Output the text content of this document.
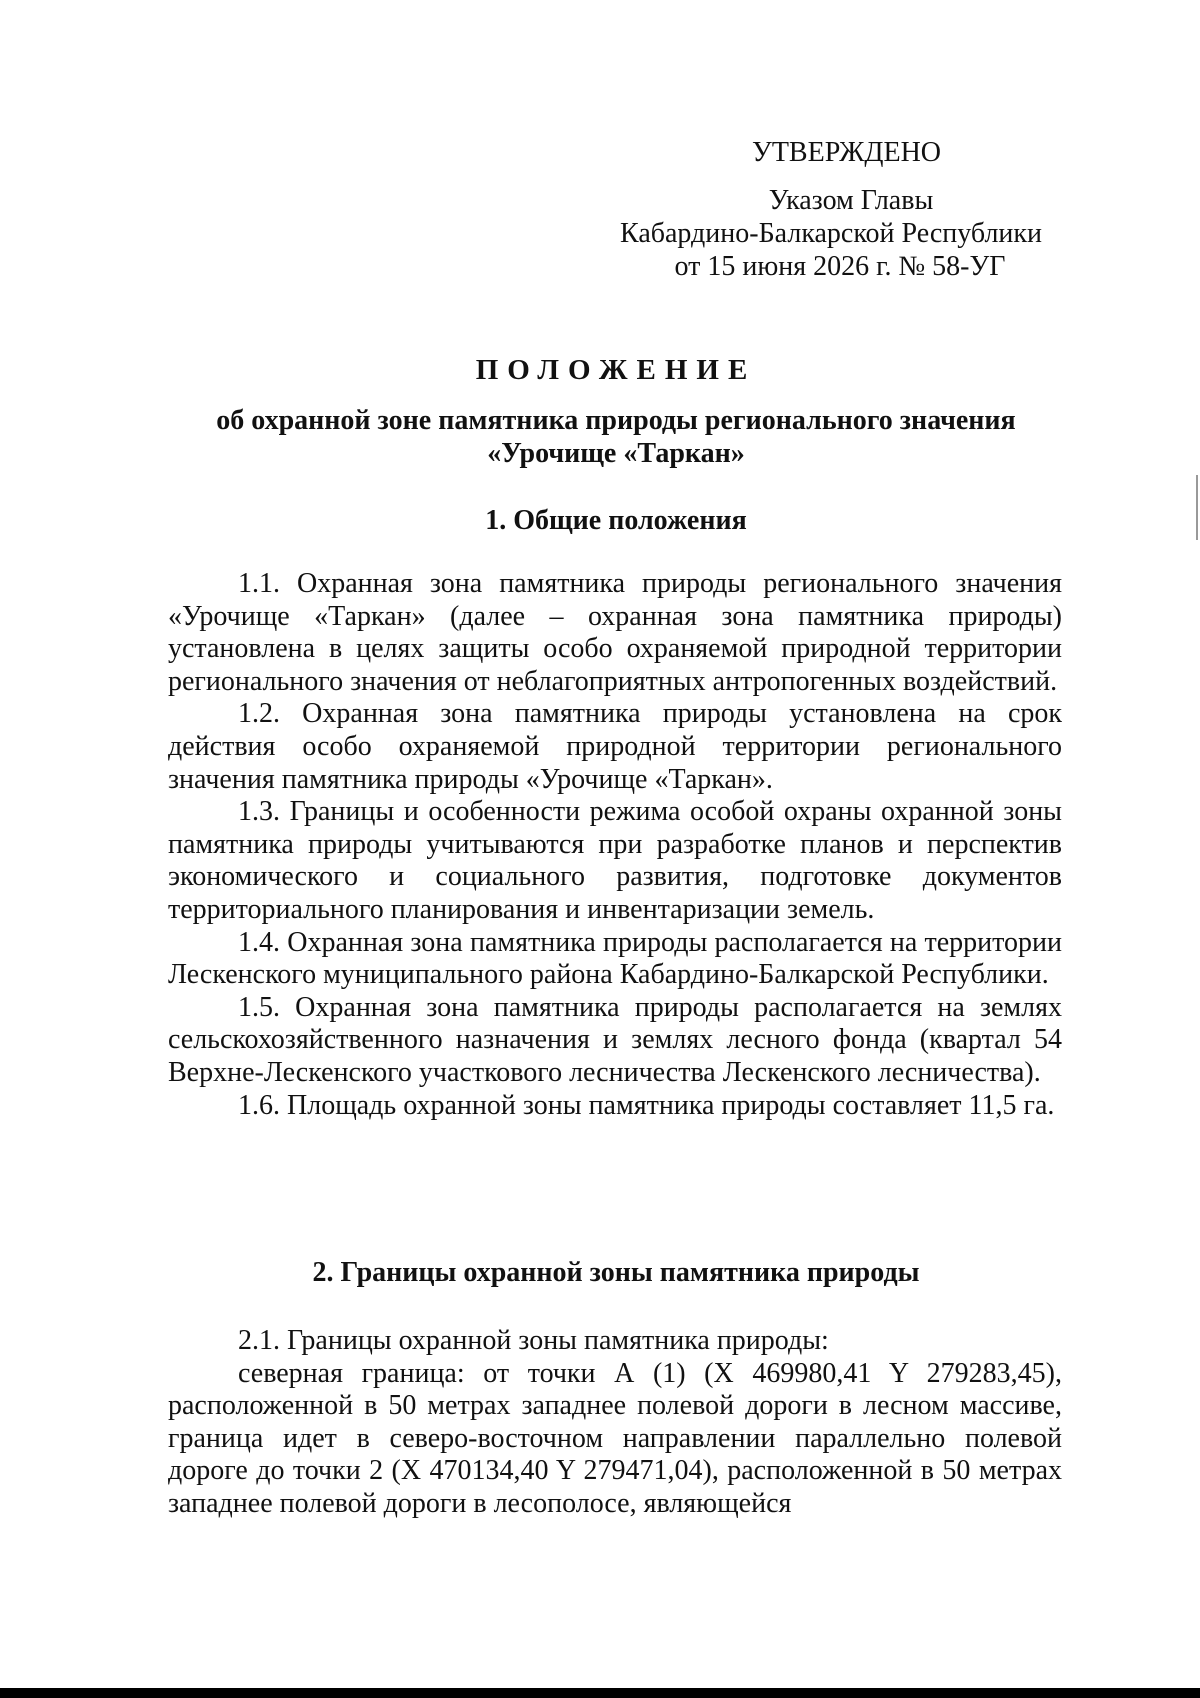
УТВЕРЖДЕНО
Указом Главы
Кабардино-Балкарской Республики
от 15 июня 2026 г. № 58-УГ
ПОЛОЖЕНИЕ
об охранной зоне памятника природы регионального значения
«Урочище «Таркан»
1. Общие положения

1.1. Охранная зона памятника природы регионального значения «Урочище «Таркан» (далее – охранная зона памятника природы) установлена в целях защиты особо охраняемой природной территории регионального значения от неблагоприятных антропогенных воздействий.

1.2. Охранная зона памятника природы установлена на срок действия особо охраняемой природной территории регионального значения памятника природы «Урочище «Таркан».

1.3. Границы и особенности режима особой охраны охранной зоны памятника природы учитываются при разработке планов и перспектив экономического и социального развития, подготовке документов территориального планирования и инвентаризации земель.

1.4. Охранная зона памятника природы располагается на территории Лескенского муниципального района Кабардино-Балкарской Республики.

1.5. Охранная зона памятника природы располагается на землях сельскохозяйственного назначения и землях лесного фонда (квартал 54 Верхне-Лескенского участкового лесничества Лескенского лесничества).

1.6. Площадь охранной зоны памятника природы составляет 11,5 га.

2. Границы охранной зоны памятника природы

2.1. Границы охранной зоны памятника природы:

северная граница: от точки А (1) (X 469980,41 Y 279283,45), расположенной в 50 метрах западнее полевой дороги в лесном массиве, граница идет в северо-восточном направлении параллельно полевой дороге до точки 2 (X 470134,40 Y 279471,04), расположенной в 50 метрах западнее полевой дороги в лесополосе, являющейся
